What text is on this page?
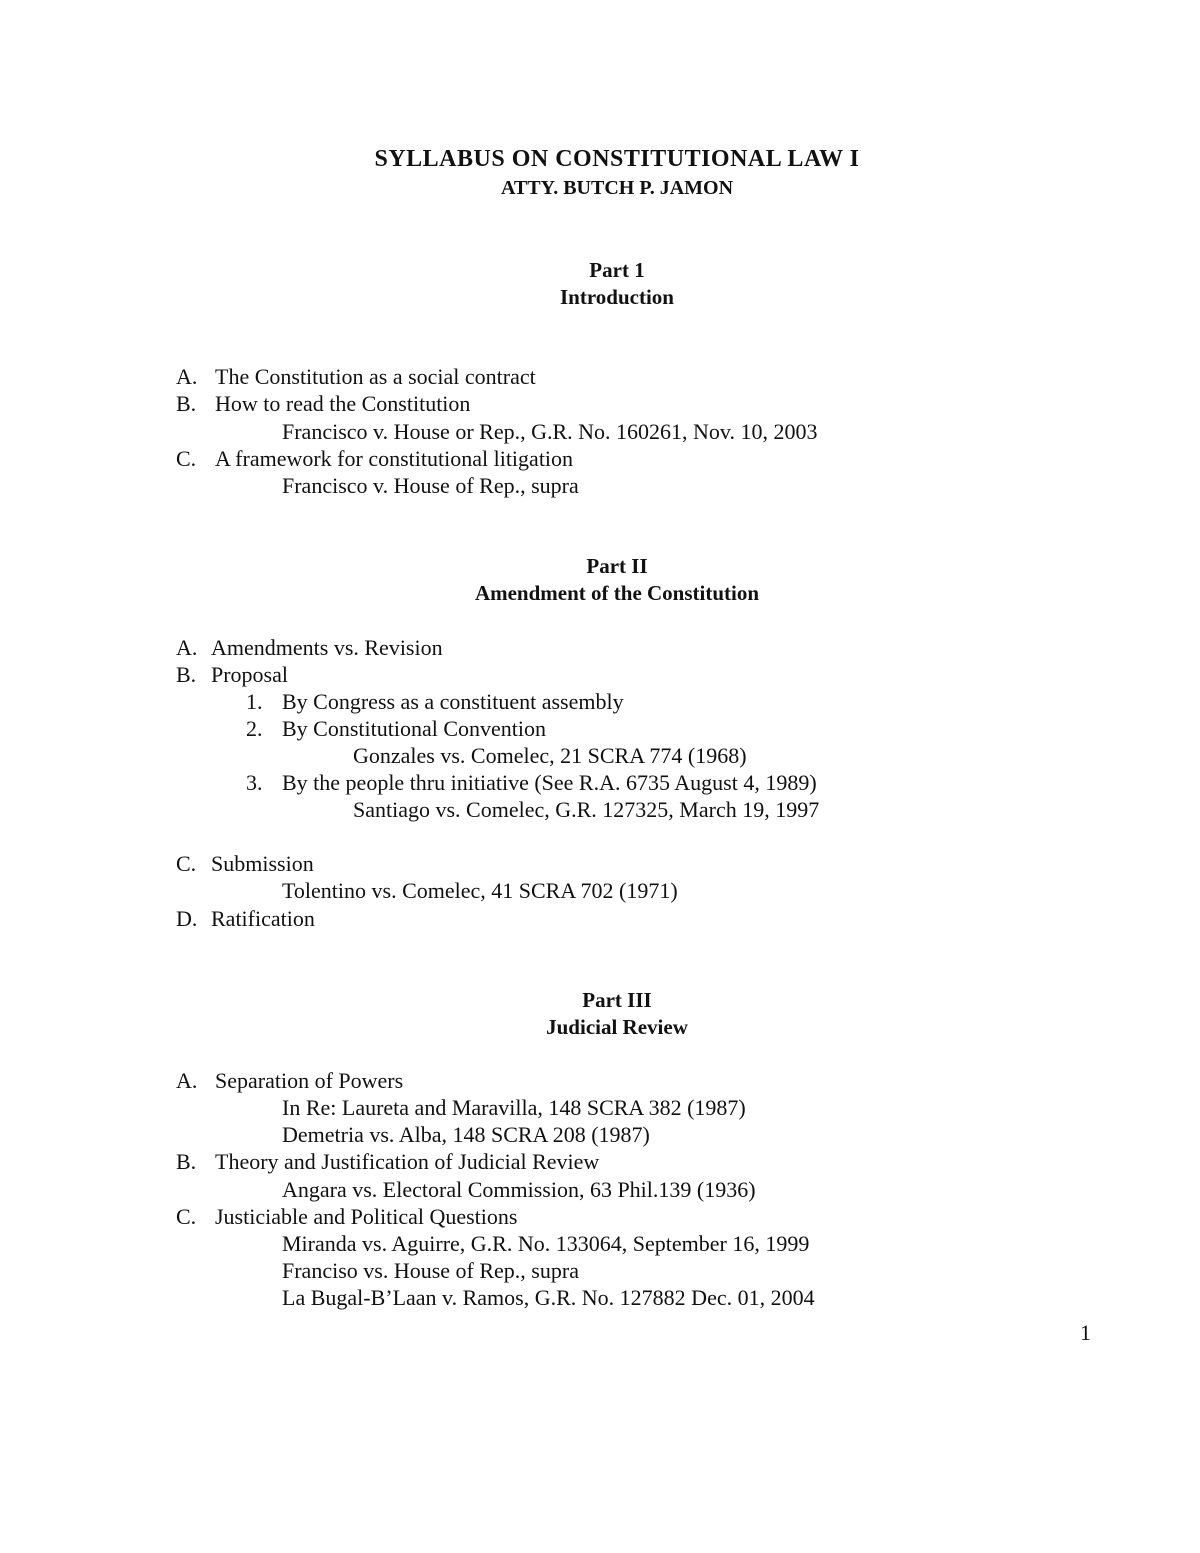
SYLLABUS ON CONSTITUTIONAL LAW I
ATTY. BUTCH P. JAMON
Part 1
Introduction
A. The Constitution as a social contract
B. How to read the Constitution
Francisco v. House or Rep., G.R. No. 160261, Nov. 10, 2003
C. A framework for constitutional litigation
Francisco v. House of Rep., supra
Part II
Amendment of the Constitution
A. Amendments vs. Revision
B. Proposal
1. By Congress as a constituent assembly
2. By Constitutional Convention
Gonzales vs. Comelec, 21 SCRA 774 (1968)
3. By the people thru initiative (See R.A. 6735 August 4, 1989)
Santiago vs. Comelec, G.R. 127325, March 19, 1997
C. Submission
Tolentino vs. Comelec, 41 SCRA 702 (1971)
D. Ratification
Part III
Judicial Review
A. Separation of Powers
In Re: Laureta and Maravilla, 148 SCRA 382 (1987)
Demetria vs. Alba, 148 SCRA 208 (1987)
B. Theory and Justification of Judicial Review
Angara vs. Electoral Commission, 63 Phil.139 (1936)
C. Justiciable and Political Questions
Miranda vs. Aguirre, G.R. No. 133064, September 16, 1999
Franciso vs. House of Rep., supra
La Bugal-B’Laan v. Ramos, G.R. No. 127882 Dec. 01, 2004
1
